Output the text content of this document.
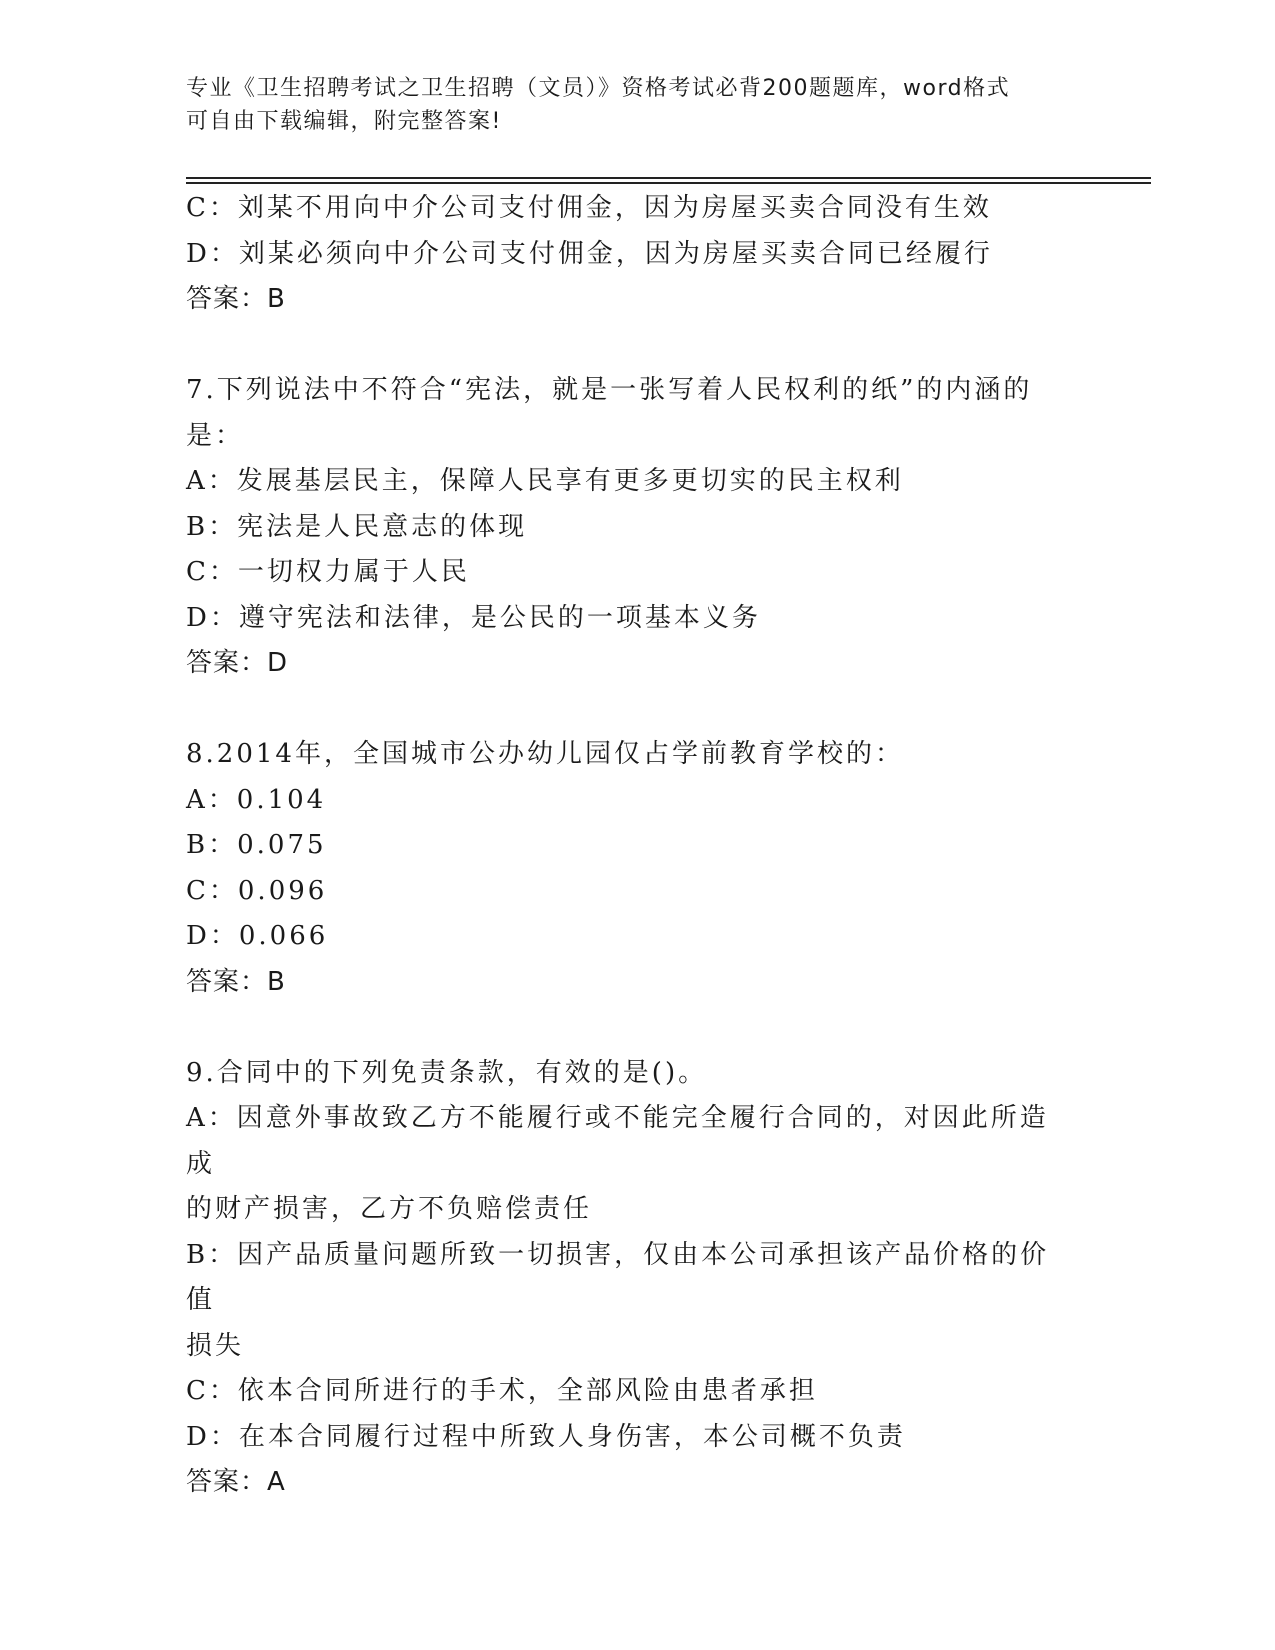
专业《卫生招聘考试之卫生招聘（文员）》资格考试必背200题题库，word格式
可自由下载编辑，附完整答案!

C：刘某不用向中介公司支付佣金，因为房屋买卖合同没有生效

D：刘某必须向中介公司支付佣金，因为房屋买卖合同已经履行

答案：B

7.下列说法中不符合“宪法，就是一张写着人民权利的纸”的内涵的

是：

A：发展基层民主，保障人民享有更多更切实的民主权利

B：宪法是人民意志的体现

C：一切权力属于人民

D：遵守宪法和法律，是公民的一项基本义务

答案：D

8.2014年，全国城市公办幼儿园仅占学前教育学校的：

A：0.104

B：0.075

C：0.096

D：0.066

答案：B

9.合同中的下列免责条款，有效的是()。

A：因意外事故致乙方不能履行或不能完全履行合同的，对因此所造成

的财产损害，乙方不负赔偿责任

B：因产品质量问题所致一切损害，仅由本公司承担该产品价格的价值

损失

C：依本合同所进行的手术，全部风险由患者承担

D：在本合同履行过程中所致人身伤害，本公司概不负责

答案：A
